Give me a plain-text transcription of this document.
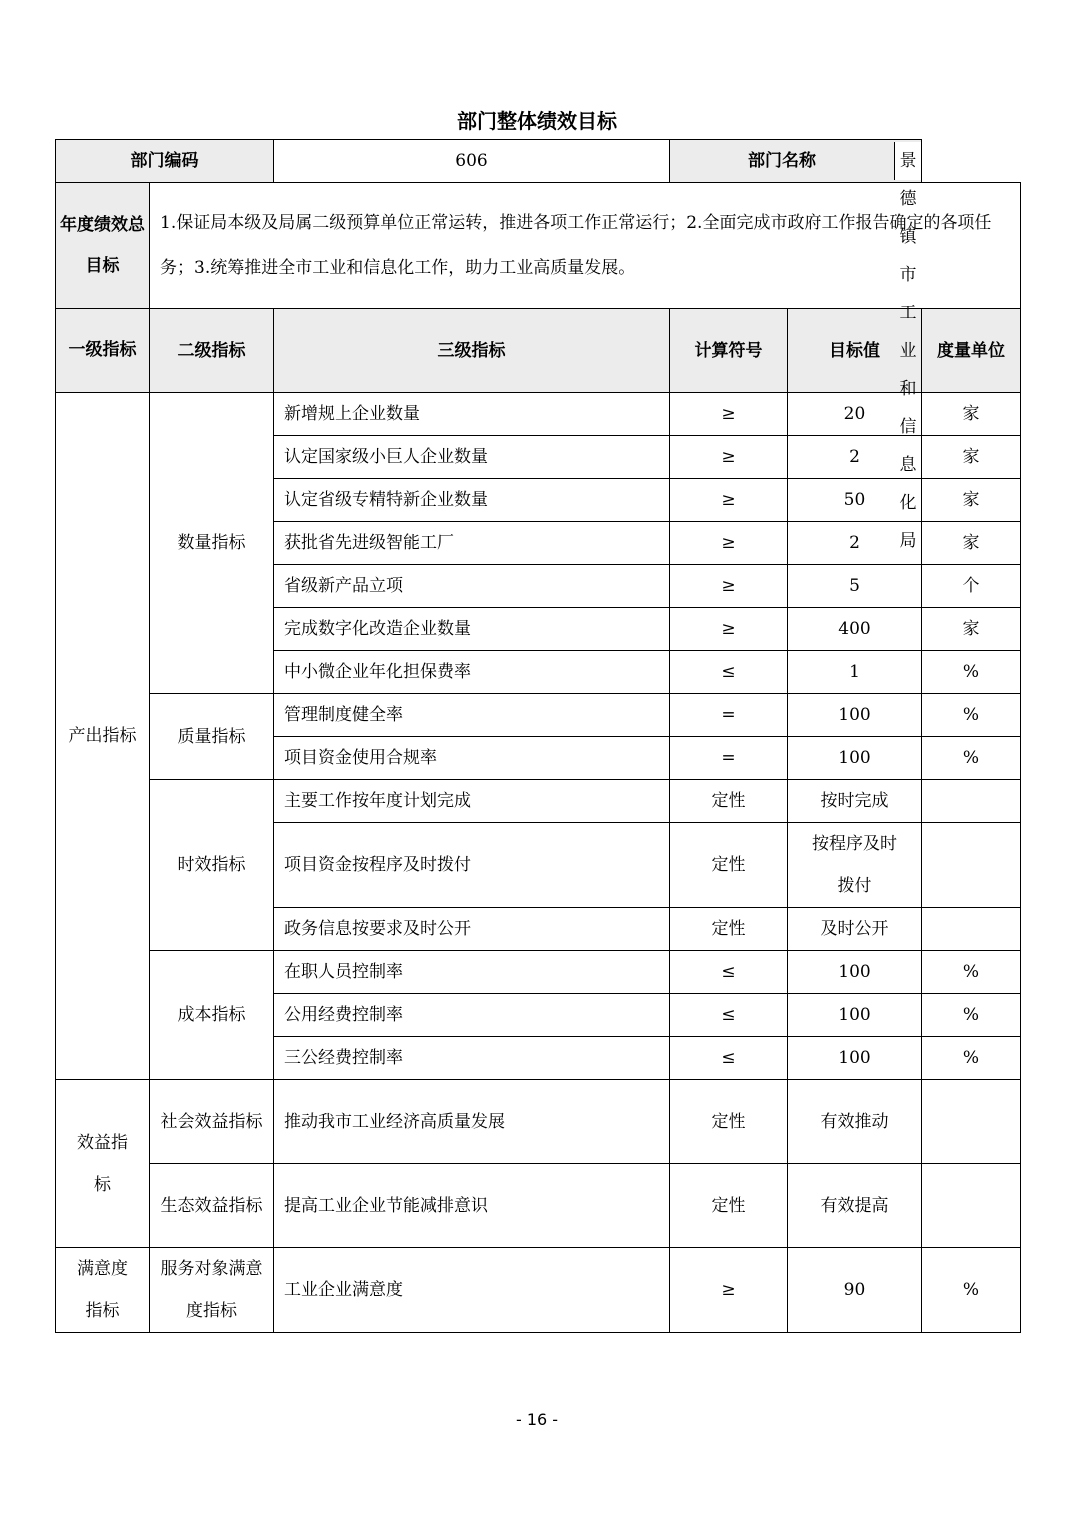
部门整体绩效目标
部门编码		606	部门名称 景德镇市工业和信息化局		

年度绩效总目标	1.保证局本级及局属二级预算单位正常运转，推进各项工作正常运行；2.全面完成市政府工作报告确定的各项任务；3.统筹推进全市工业和信息化工作，助力工业高质量发展。				
一级指标	二级指标	三级指标	计算符号	目标值	度量单位
产出指标	数量指标	新增规上企业数量	≥	20	家
		认定国家级小巨人企业数量	≥	2	家
		认定省级专精特新企业数量	≥	50	家
		获批省先进级智能工厂	≥	2	家
		省级新产品立项	≥	5	个
		完成数字化改造企业数量	≥	400	家
		中小微企业年化担保费率	≤	1	%
	质量指标	管理制度健全率	=	100	%
		项目资金使用合规率	=	100	%
	时效指标	主要工作按年度计划完成	定性	按时完成	
		项目资金按程序及时拨付	定性	按程序及时拨付	
		政务信息按要求及时公开	定性	及时公开	
	成本指标	在职人员控制率	≤	100	%
		公用经费控制率	≤	100	%
		三公经费控制率	≤	100	%
效益指标	社会效益指标	推动我市工业经济高质量发展	定性	有效推动	
	生态效益指标	提高工业企业节能减排意识	定性	有效提高	
满意度指标	服务对象满意度指标	工业企业满意度	≥	90	%
- 16 -
